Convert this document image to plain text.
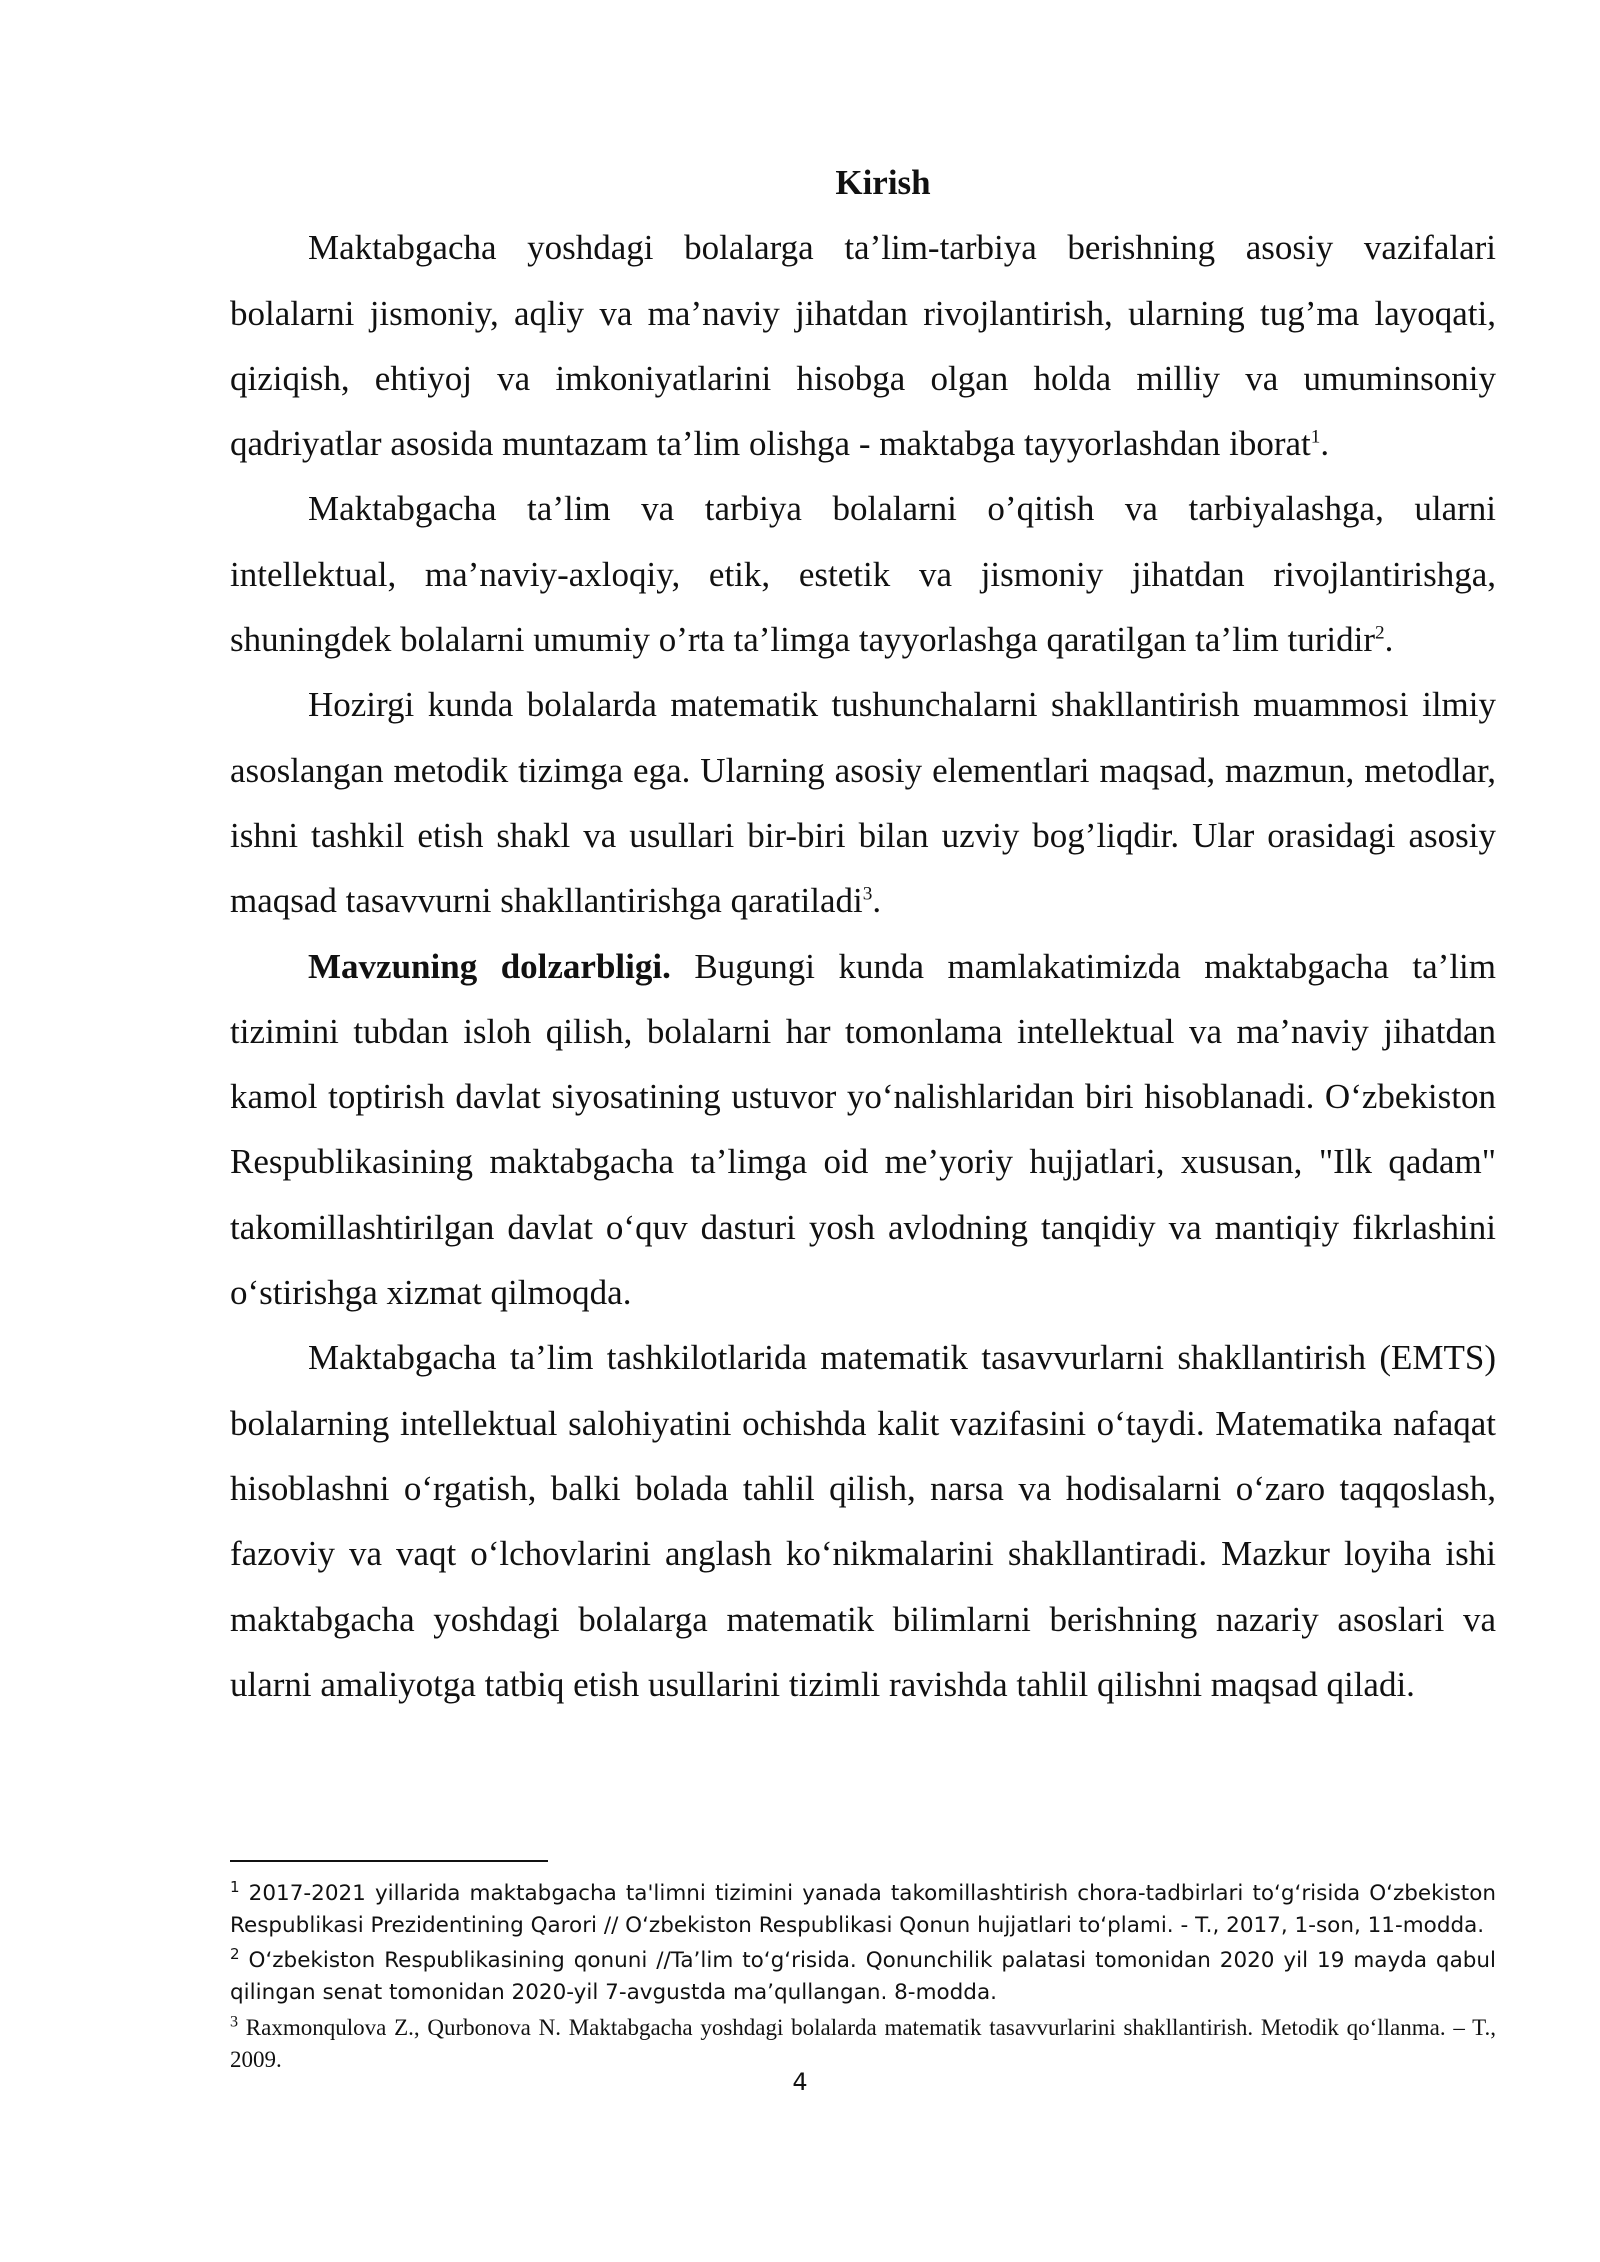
Kirish

Maktabgacha yoshdagi bolalarga ta’lim-tarbiya berishning asosiy vazifalari bolalarni jismoniy, aqliy va ma’naviy jihatdan rivojlantirish, ularning tug’ma layoqati, qiziqish, ehtiyoj va imkoniyatlarini hisobga olgan holda milliy va umuminsoniy qadriyatlar asosida muntazam ta’lim olishga - maktabga tayyorlashdan iborat$^1$.

Maktabgacha ta’lim va tarbiya bolalarni o’qitish va tarbiyalashga, ularni intellektual, ma’naviy-axloqiy, etik, estetik va jismoniy jihatdan rivojlantirishga, shuningdek bolalarni umumiy o’rta ta’limga tayyorlashga qaratilgan ta’lim turidir$^2$.

Hozirgi kunda bolalarda matematik tushunchalarni shakllantirish muammosi ilmiy asoslangan metodik tizimga ega. Ularning asosiy elementlari maqsad, mazmun, metodlar, ishni tashkil etish shakl va usullari bir-biri bilan uzviy bog’liqdir. Ular orasidagi asosiy maqsad tasavvurni shakllantirishga qaratiladi$^3$.

Mavzuning dolzarbligi. Bugungi kunda mamlakatimizda maktabgacha ta’lim tizimini tubdan isloh qilish, bolalarni har tomonlama intellektual va ma’naviy jihatdan kamol toptirish davlat siyosatining ustuvor yo‘nalishlaridan biri hisoblanadi. O‘zbekiston Respublikasining maktabgacha ta’limga oid me’yoriy hujjatlari, xususan, "Ilk qadam" takomillashtirilgan davlat o‘quv dasturi yosh avlodning tanqidiy va mantiqiy fikrlashini o‘stirishga xizmat qilmoqda.

Maktabgacha ta’lim tashkilotlarida matematik tasavvurlarni shakllantirish (EMTS) bolalarning intellektual salohiyatini ochishda kalit vazifasini o‘taydi. Matematika nafaqat hisoblashni o‘rgatish, balki bolada tahlil qilish, narsa va hodisalarni o‘zaro taqqoslash, fazoviy va vaqt o‘lchovlarini anglash ko‘nikmalarini shakllantiradi. Mazkur loyiha ishi maktabgacha yoshdagi bolalarga matematik bilimlarni berishning nazariy asoslari va ularni amaliyotga tatbiq etish usullarini tizimli ravishda tahlil qilishni maqsad qiladi.

$^1$ 2017-2021 yillarida maktabgacha ta'limni tizimini yanada takomillashtirish chora-tadbirlari to‘g‘risida O‘zbekiston Respublikasi Prezidentining Qarori // O‘zbekiston Respublikasi Qonun hujjatlari to‘plami. - T., 2017, 1-son, 11-modda.

$^2$ O‘zbekiston Respublikasining qonuni //Ta’lim to‘g‘risida. Qonunchilik palatasi tomonidan 2020 yil 19 mayda qabul qilingan senat tomonidan 2020-yil 7-avgustda ma’qullangan. 8-modda.

$^3$ Raxmonqulova Z., Qurbonova N. Maktabgacha yoshdagi bolalarda matematik tasavvurlarini shakllantirish. Metodik qo‘llanma. – T., 2009.

4
